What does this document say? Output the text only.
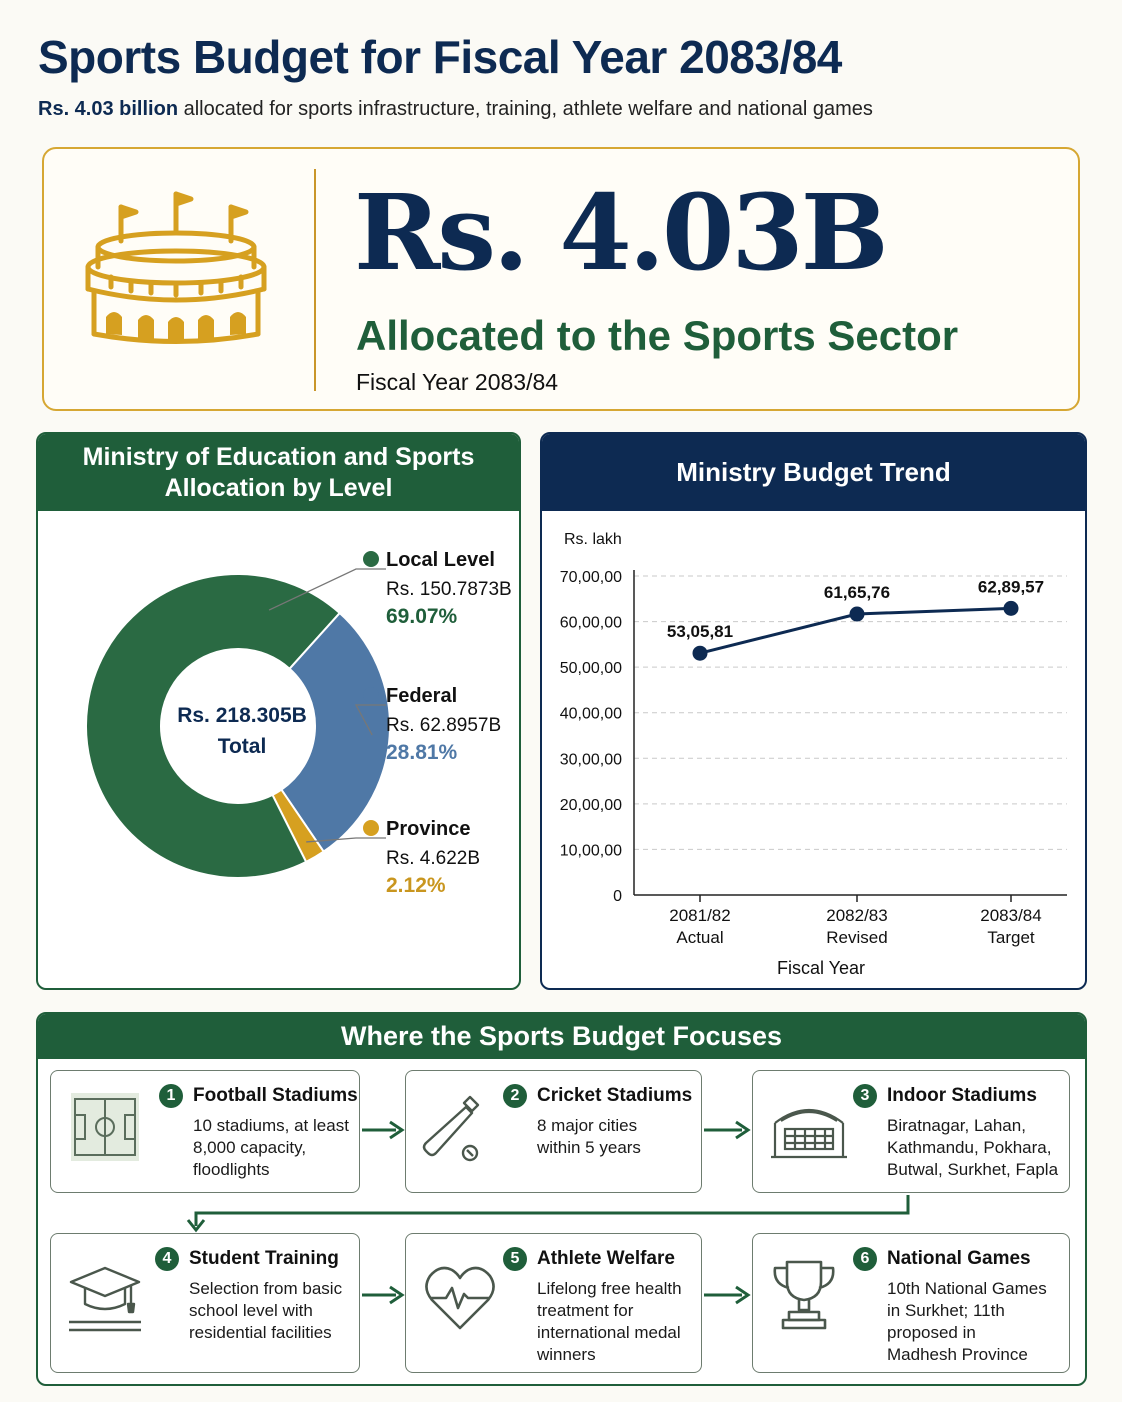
Sports Budget for Fiscal Year 2083/84
Rs. 4.03 billion allocated for sports infrastructure, training, athlete welfare and national games
Rs. 4.03B
Allocated to the Sports Sector
Fiscal Year 2083/84
Local Level
Rs. 150.7873B
69.07%
Federal
Rs. 62.8957B
28.81%
Province
Rs. 4.622B
2.12%
Rs. 218.305B
Total
Ministry of Education and Sports
Allocation by Level
Rs. lakh
0
10,00,00
20,00,00
30,00,00
40,00,00
50,00,00
60,00,00
70,00,00
2081/82
Actual
2082/83
Revised
2083/84
Target
Fiscal Year
53,05,81
61,65,76	62,89,57
Ministry Budget Trend
Where the Sports Budget Focuses
1 Football Stadiums
10 stadiums, at least
8,000 capacity,
floodlights
2 Cricket Stadiums
8 major cities
within 5 years
3 Indoor Stadiums
Biratnagar, Lahan,
Kathmandu, Pokhara,
Butwal, Surkhet, Fapla
4 Student Training
Selection from basic
school level with
residential facilities
5 Athlete Welfare
Lifelong free health
treatment for
international medal
winners
6 National Games
10th National Games
in Surkhet; 11th
proposed in
Madhesh Province
